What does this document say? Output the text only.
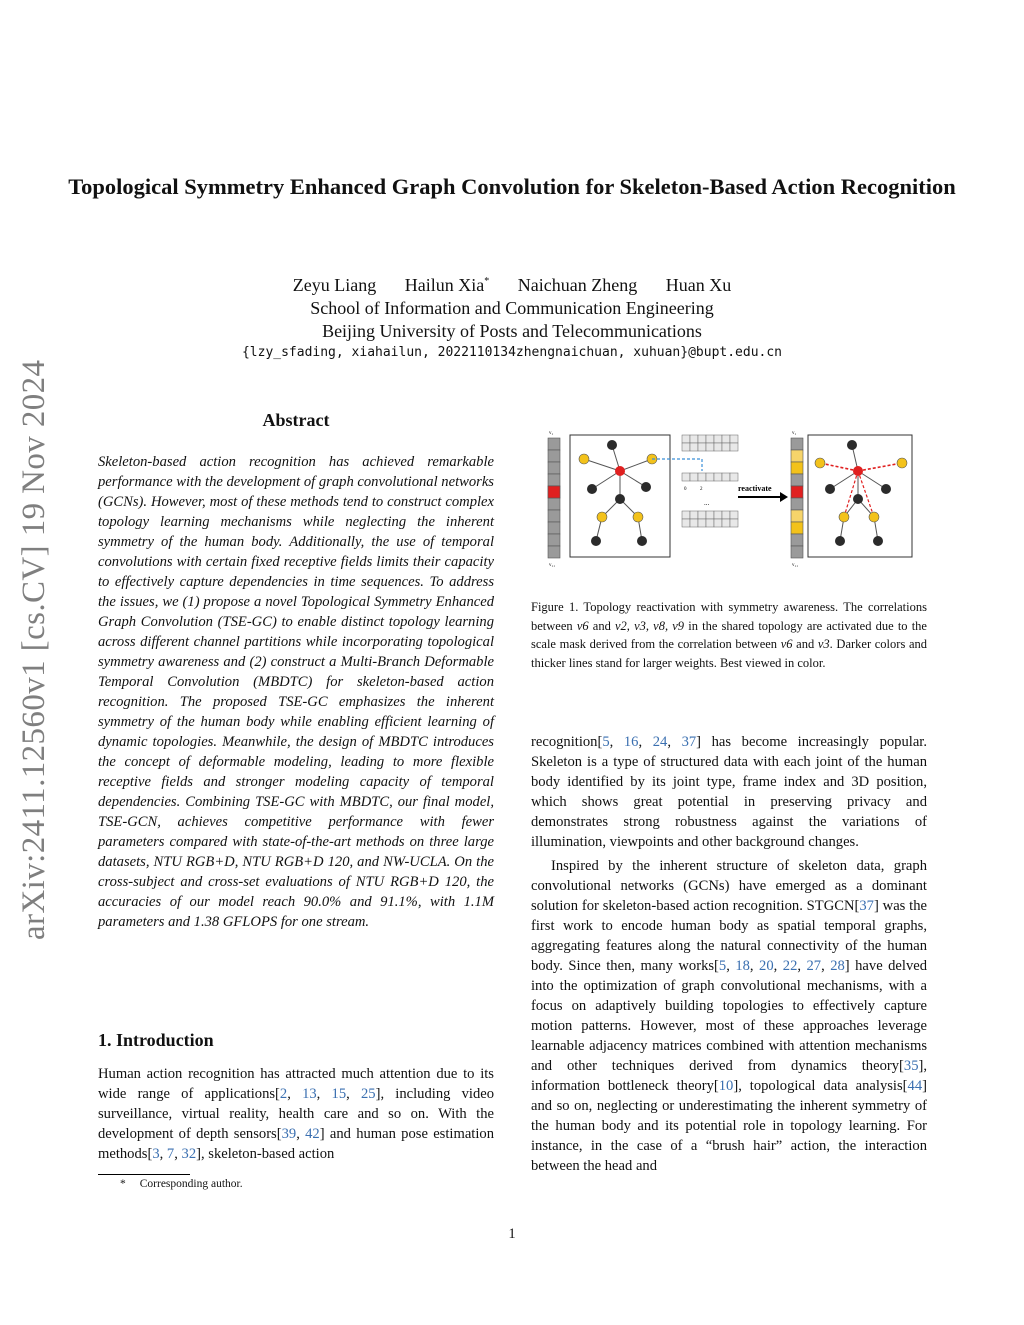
arXiv:2411.12560v1 [cs.CV] 19 Nov 2024
Topological Symmetry Enhanced Graph Convolution for Skeleton-Based Action Recognition
Zeyu Liang Hailun Xia* Naichuan Zheng Huan Xu
School of Information and Communication Engineering
Beijing University of Posts and Telecommunications
{lzy_sfading, xiahailun, 2022110134zhengnaichuan, xuhuan}@bupt.edu.cn
Abstract
Skeleton-based action recognition has achieved remarkable performance with the development of graph convolutional networks (GCNs). However, most of these methods tend to construct complex topology learning mechanisms while neglecting the inherent symmetry of the human body. Additionally, the use of temporal convolutions with certain fixed receptive fields limits their capacity to effectively capture dependencies in time sequences. To address the issues, we (1) propose a novel Topological Symmetry Enhanced Graph Convolution (TSE-GC) to enable distinct topology learning across different channel partitions while incorporating topological symmetry awareness and (2) construct a Multi-Branch Deformable Temporal Convolution (MBDTC) for skeleton-based action recognition. The proposed TSE-GC emphasizes the inherent symmetry of the human body while enabling efficient learning of dynamic topologies. Meanwhile, the design of MBDTC introduces the concept of deformable modeling, leading to more flexible receptive fields and stronger modeling capacity of temporal dependencies. Combining TSE-GC with MBDTC, our final model, TSE-GCN, achieves competitive performance with fewer parameters compared with state-of-the-art methods on three large datasets, NTU RGB+D, NTU RGB+D 120, and NW-UCLA. On the cross-subject and cross-set evaluations of NTU RGB+D 120, the accuracies of our model reach 90.0% and 91.1%, with 1.1M parameters and 1.38 GFLOPS for one stream.
1. Introduction
Human action recognition has attracted much attention due to its wide range of applications[2, 13, 15, 25], including video surveillance, virtual reality, health care and so on. With the development of depth sensors[39, 42] and human pose estimation methods[3, 7, 32], skeleton-based action
* Corresponding author.
v₁
v₁₁
0	2
...
reactivate
v₁
v₁₁
Figure 1. Topology reactivation with symmetry awareness. The correlations between v6 and v2, v3, v8, v9 in the shared topology are activated due to the scale mask derived from the correlation between v6 and v3. Darker colors and thicker lines stand for larger weights. Best viewed in color.

recognition[5, 16, 24, 37] has become increasingly popular. Skeleton is a type of structured data with each joint of the human body identified by its joint type, frame index and 3D position, which shows great potential in preserving privacy and demonstrates strong robustness against the variations of illumination, viewpoints and other background changes.

Inspired by the inherent structure of skeleton data, graph convolutional networks (GCNs) have emerged as a dominant solution for skeleton-based action recognition. STGCN[37] was the first work to encode human body as spatial temporal graphs, aggregating features along the natural connectivity of the human body. Since then, many works[5, 18, 20, 22, 27, 28] have delved into the optimization of graph convolutional mechanisms, with a focus on adaptively building topologies to effectively capture motion patterns. However, most of these approaches leverage learnable adjacency matrices combined with attention mechanisms and other techniques derived from dynamics theory[35], information bottleneck theory[10], topological data analysis[44] and so on, neglecting or underestimating the inherent symmetry of the human body and its potential role in topology learning. For instance, in the case of a “brush hair” action, the interaction between the head and

1
